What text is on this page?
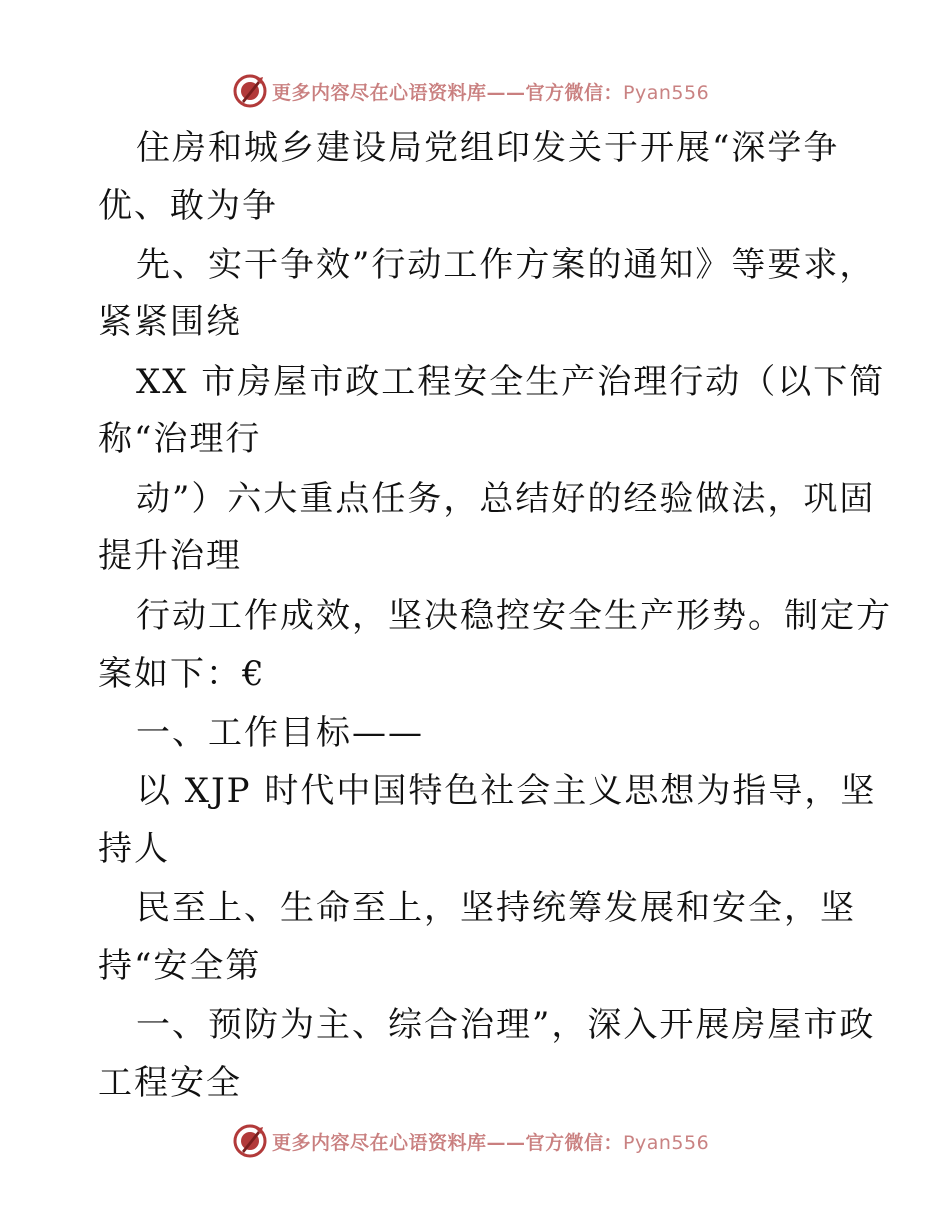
更多内容尽在心语资料库——官方微信：Pyan556
住房和城乡建设局党组印发关于开展“深学争
优、敢为争
先、实干争效”行动工作方案的通知》等要求，
紧紧围绕
XX 市房屋市政工程安全生产治理行动（以下简
称“治理行
动”）六大重点任务，总结好的经验做法，巩固
提升治理
行动工作成效，坚决稳控安全生产形势。制定方
案如下：€
一、工作目标——
以 XJP 时代中国特色社会主义思想为指导，坚
持人
民至上、生命至上，坚持统筹发展和安全，坚
持“安全第
一、预防为主、综合治理”，深入开展房屋市政
工程安全
更多内容尽在心语资料库——官方微信：Pyan556
